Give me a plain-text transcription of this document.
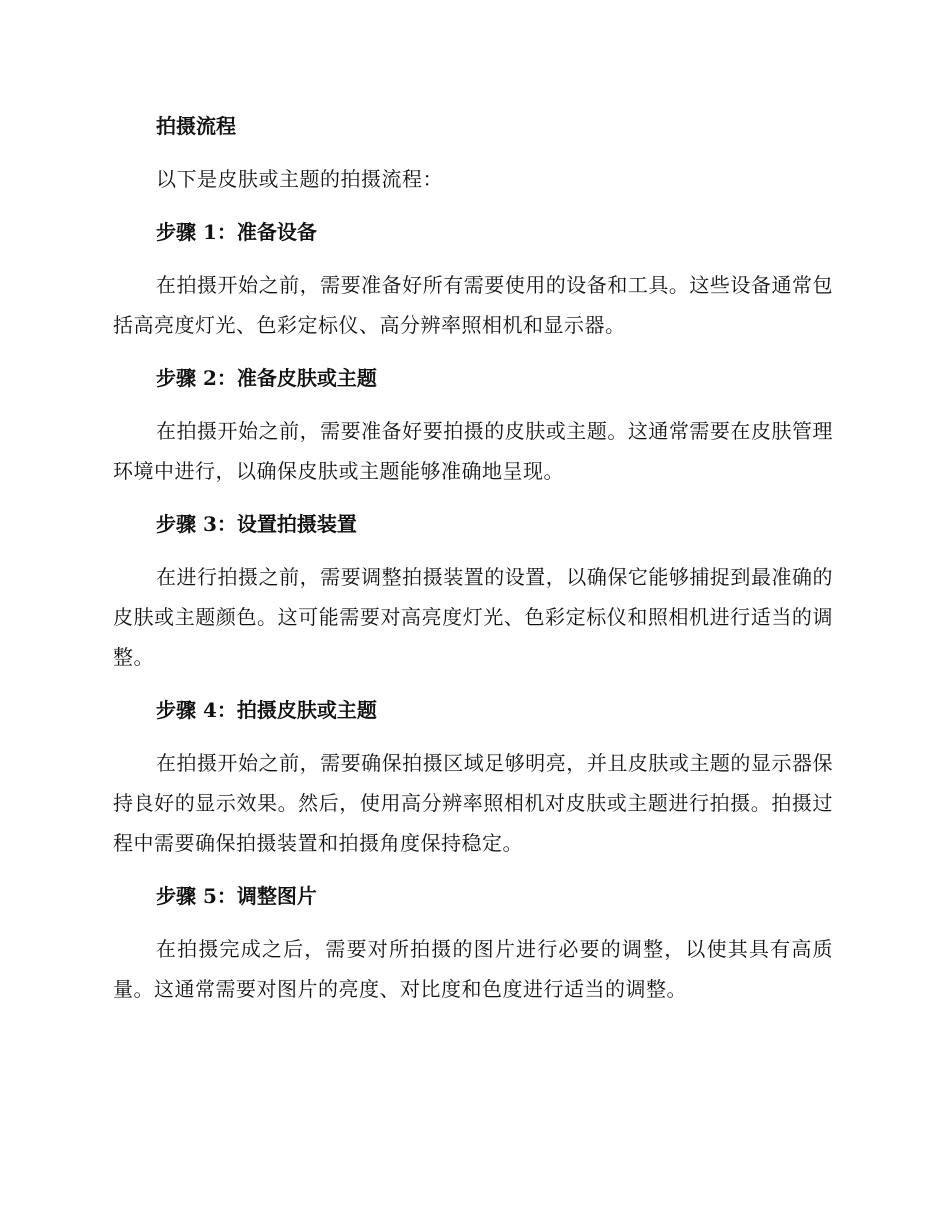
拍摄流程

以下是皮肤或主题的拍摄流程：

步骤 1：准备设备

在拍摄开始之前，需要准备好所有需要使用的设备和工具。这些设备通常包括高亮度灯光、色彩定标仪、高分辨率照相机和显示器。

步骤 2：准备皮肤或主题

在拍摄开始之前，需要准备好要拍摄的皮肤或主题。这通常需要在皮肤管理环境中进行，以确保皮肤或主题能够准确地呈现。

步骤 3：设置拍摄装置

在进行拍摄之前，需要调整拍摄装置的设置，以确保它能够捕捉到最准确的皮肤或主题颜色。这可能需要对高亮度灯光、色彩定标仪和照相机进行适当的调整。

步骤 4：拍摄皮肤或主题

在拍摄开始之前，需要确保拍摄区域足够明亮，并且皮肤或主题的显示器保持良好的显示效果。然后，使用高分辨率照相机对皮肤或主题进行拍摄。拍摄过程中需要确保拍摄装置和拍摄角度保持稳定。

步骤 5：调整图片

在拍摄完成之后，需要对所拍摄的图片进行必要的调整，以使其具有高质量。这通常需要对图片的亮度、对比度和色度进行适当的调整。
